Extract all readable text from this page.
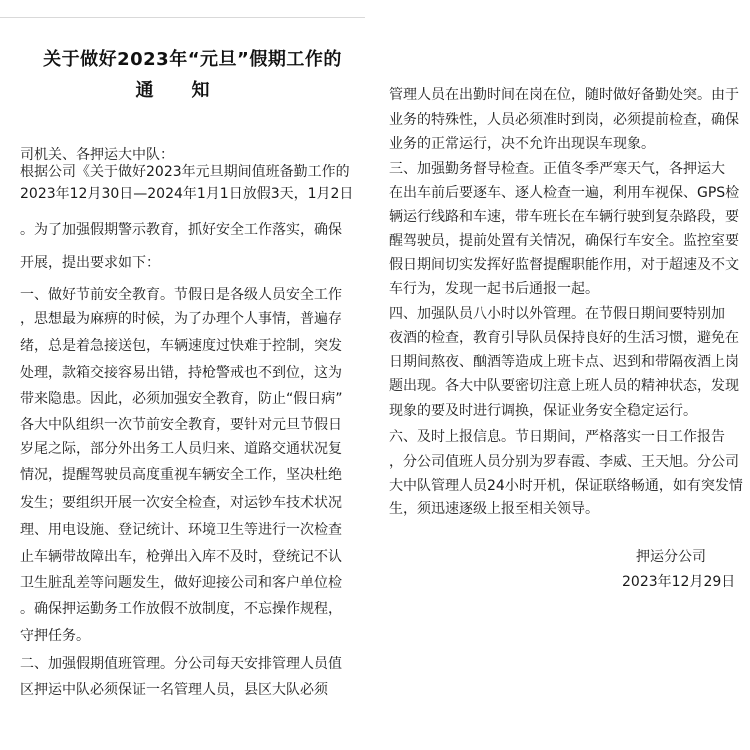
关于做好2023年“元旦”假期工作的
通知
司机关、各押运大中队：
根据公司《关于做好2023年元旦期间值班备勤工作的
2023年12月30日—2024年1月1日放假3天，1月2日
。为了加强假期警示教育，抓好安全工作落实，确保
开展，提出要求如下：
一、做好节前安全教育。节假日是各级人员安全工作
，思想最为麻痹的时候，为了办理个人事情，普遍存
绪，总是着急接送包，车辆速度过快难于控制，突发
处理，款箱交接容易出错，持枪警戒也不到位，这为
带来隐患。因此，必须加强安全教育，防止“假日病”
各大中队组织一次节前安全教育，要针对元旦节假日
岁尾之际，部分外出务工人员归来、道路交通状况复
情况，提醒驾驶员高度重视车辆安全工作，坚决杜绝
发生；要组织开展一次安全检查，对运钞车技术状况
理、用电设施、登记统计、环境卫生等进行一次检查
止车辆带故障出车，枪弹出入库不及时，登统记不认
卫生脏乱差等问题发生，做好迎接公司和客户单位检
。确保押运勤务工作放假不放制度，不忘操作规程，
守押任务。
二、加强假期值班管理。分公司每天安排管理人员值
区押运中队必须保证一名管理人员，县区大队必须
管理人员在出勤时间在岗在位，随时做好备勤处突。由于
业务的特殊性，人员必须准时到岗，必须提前检查，确保
业务的正常运行，决不允许出现误车现象。
三、加强勤务督导检查。正值冬季严寒天气，各押运大
在出车前后要逐车、逐人检查一遍，利用车视保、GPS检
辆运行线路和车速，带车班长在车辆行驶到复杂路段，要
醒驾驶员，提前处置有关情况，确保行车安全。监控室要
假日期间切实发挥好监督提醒职能作用，对于超速及不文
车行为，发现一起书后通报一起。
四、加强队员八小时以外管理。在节假日期间要特别加
夜酒的检查，教育引导队员保持良好的生活习惯，避免在
日期间熬夜、酗酒等造成上班卡点、迟到和带隔夜酒上岗
题出现。各大中队要密切注意上班人员的精神状态，发现
现象的要及时进行调换，保证业务安全稳定运行。
六、及时上报信息。节日期间，严格落实一日工作报告
，分公司值班人员分别为罗春霞、李威、王天旭。分公司
大中队管理人员24小时开机，保证联络畅通，如有突发情
生，须迅速逐级上报至相关领导。
押运分公司
2023年12月29日
